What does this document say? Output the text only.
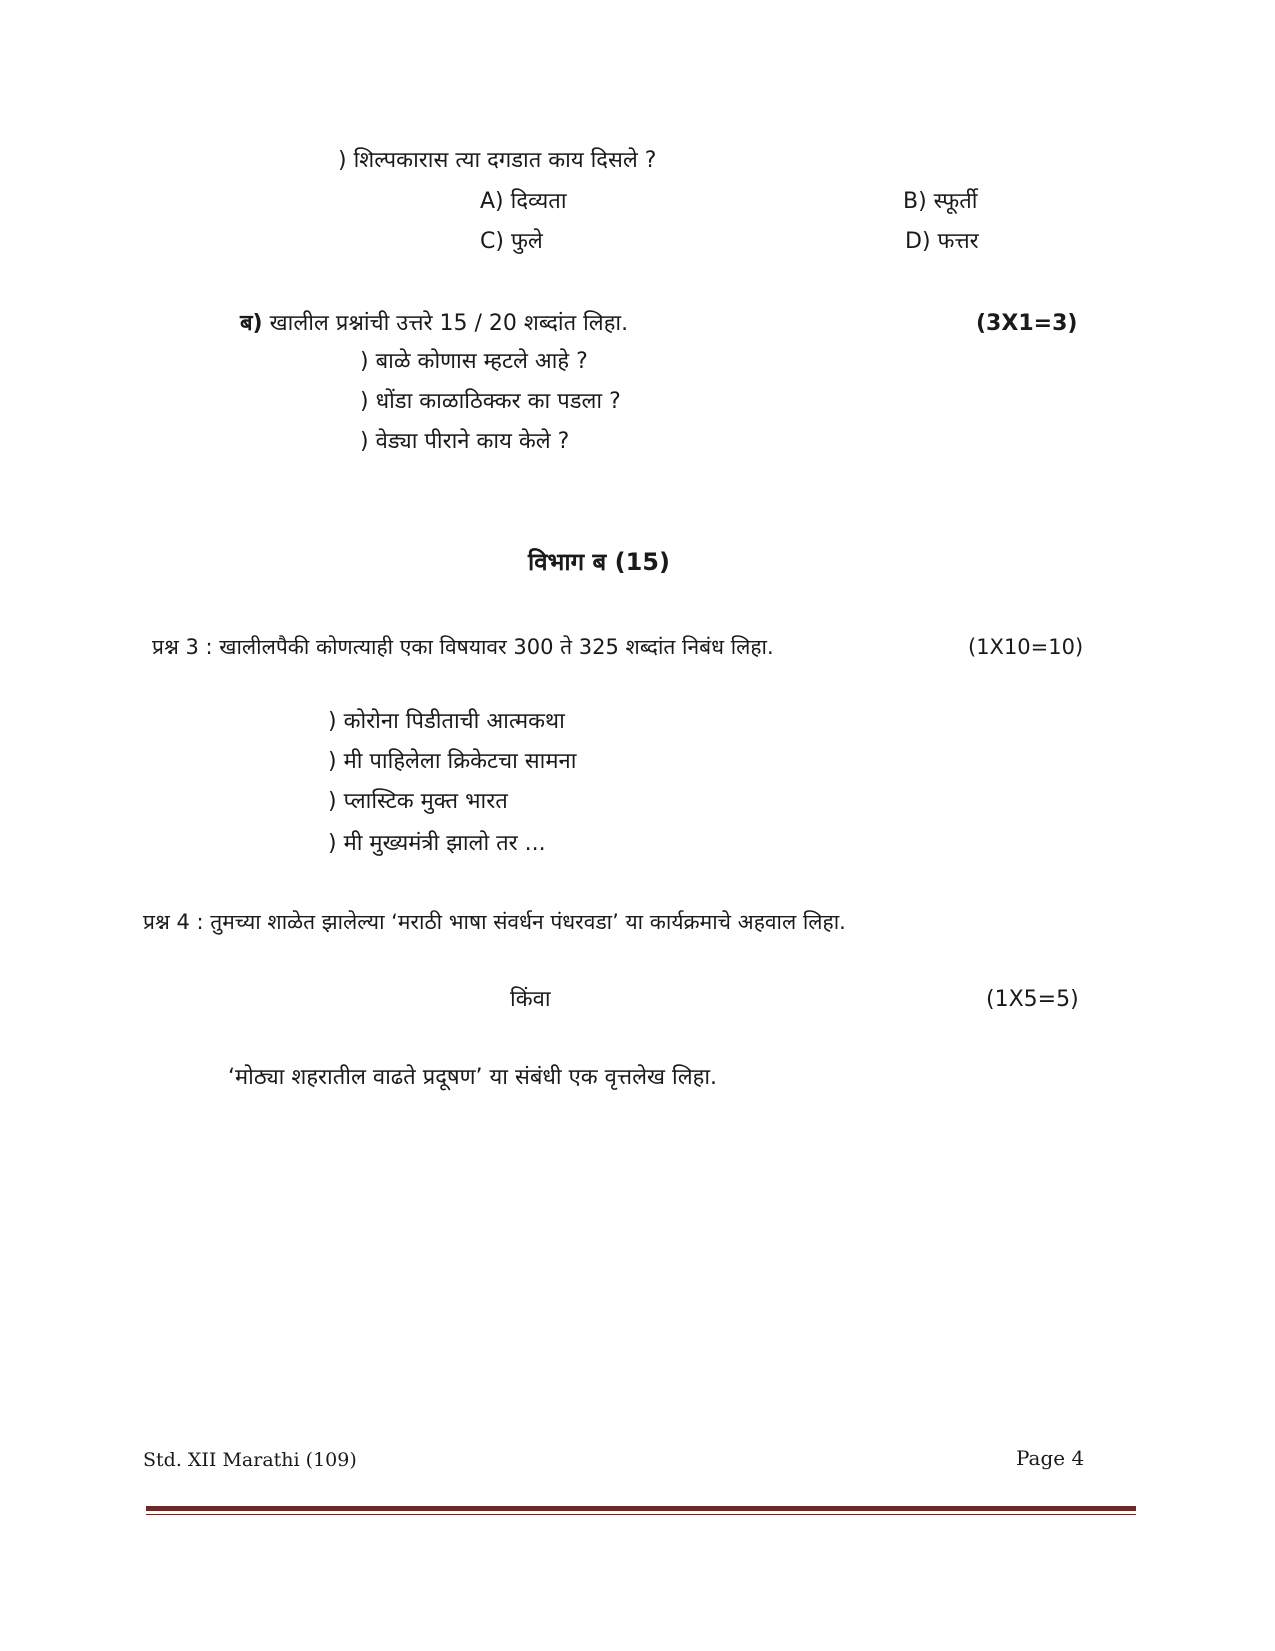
) शिल्पकारास त्या दगडात काय दिसले ?
A) दिव्यता	B) स्फूर्ती
C) फुले	D) फत्तर
ब) खालील प्रश्नांची उत्तरे 15 / 20 शब्दांत लिहा.	(3X1=3)
) बाळे कोणास म्हटले आहे ?
) धोंडा काळाठिक्कर का पडला ?
) वेड्या पीराने काय केले ?
विभाग ब (15)
प्रश्न 3 : खालीलपैकी कोणत्याही एका विषयावर 300 ते 325 शब्दांत निबंध लिहा.	(1X10=10)
) कोरोना पिडीताची आत्मकथा
) मी पाहिलेला क्रिकेटचा सामना
) प्लास्टिक मुक्त भारत
) मी मुख्यमंत्री झालो तर ...
प्रश्न 4 : तुमच्या शाळेत झालेल्या ‘मराठी भाषा संवर्धन पंधरवडा’ या कार्यक्रमाचे अहवाल लिहा.
किंवा	(1X5=5)
‘मोठ्या शहरातील वाढते प्रदूषण’ या संबंधी एक वृत्तलेख लिहा.
Std. XII Marathi (109)	Page 4
